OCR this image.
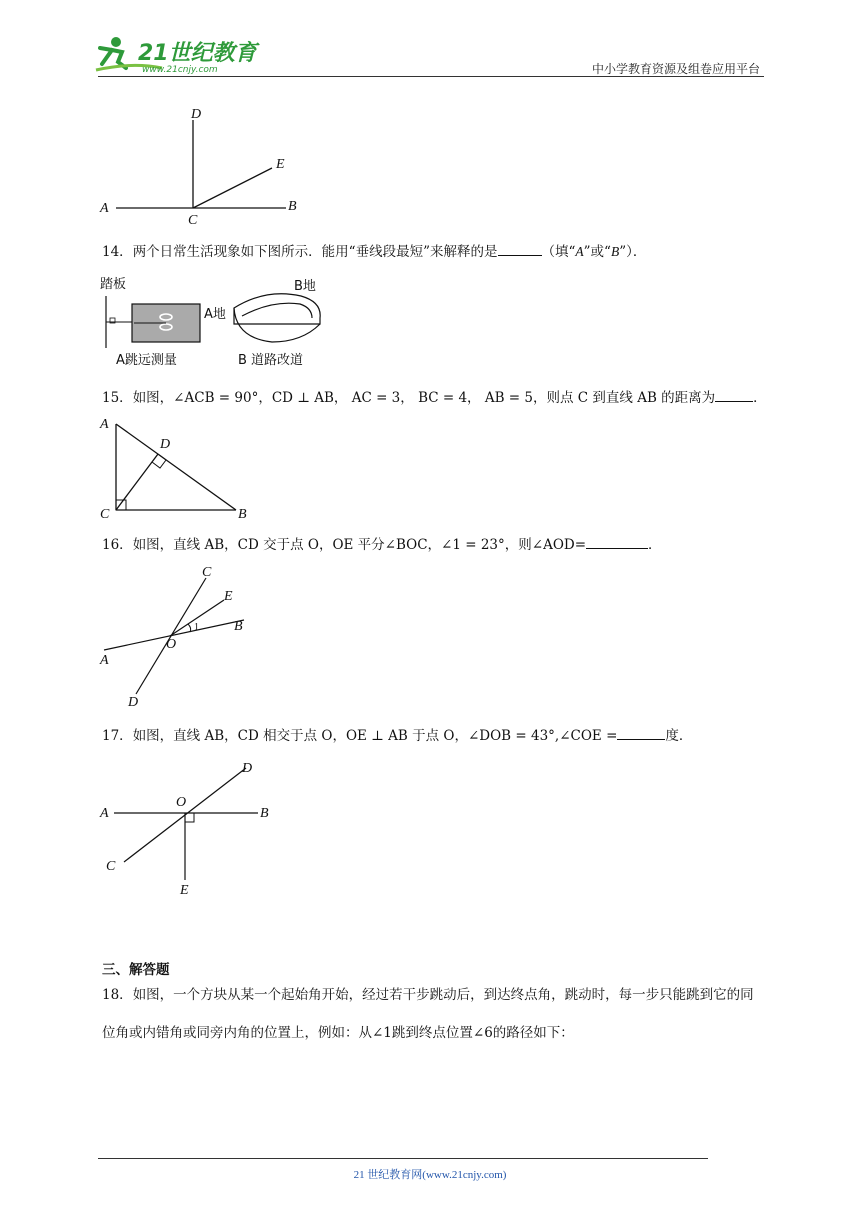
21世纪教育
www.21cnjy.com	中小学教育资源及组卷应用平台
D
E
A
C
B
14．两个日常生活现象如下图所示．能用“垂线段最短”来解释的是	（填“A”或“B”）．
踏板
A跳远测量
A地
B地
B 道路改道
15．如图，∠ACB = 90°，CD ⊥ AB， AC = 3， BC = 4， AB = 5，则点 C 到直线 AB 的距离为	．
A
D
C	B
16．如图，直线 AB，CD 交于点 O，OE 平分∠BOC，∠1 = 23°，则∠AOD=	．
C
E
B
O
A
D
1
17．如图，直线 AB，CD 相交于点 O，OE ⊥ AB 于点 O，∠DOB = 43°,∠COE =	度．
D
O
A	B
C
E
三、解答题
18．如图，一个方块从某一个起始角开始，经过若干步跳动后，到达终点角，跳动时，每一步只能跳到它的同位角或内错角或同旁内角的位置上，例如：从∠1跳到终点位置∠6的路径如下：
21 世纪教育网(www.21cnjy.com)
